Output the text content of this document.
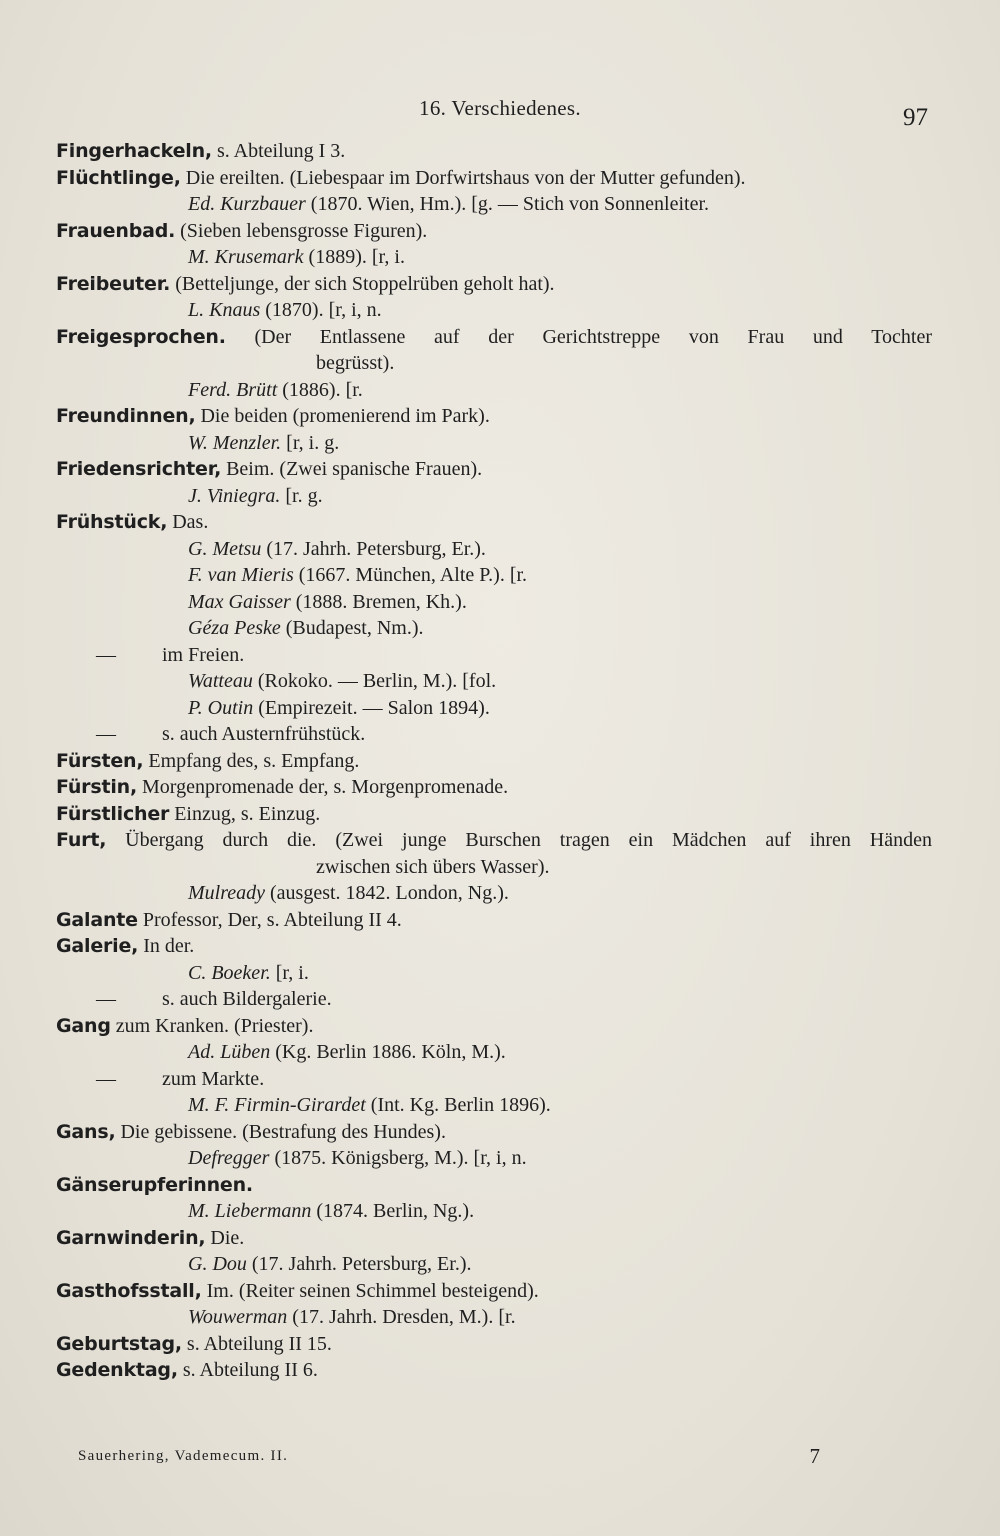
16. Verschiedenes.	97
Fingerhackeln, s. Abteilung I 3.
Flüchtlinge, Die ereilten. (Liebespaar im Dorfwirtshaus von der Mutter gefunden).
Ed. Kurzbauer (1870. Wien, Hm.). [g. — Stich von Sonnenleiter.
Frauenbad. (Sieben lebensgrosse Figuren).
M. Krusemark (1889). [r, i.
Freibeuter. (Betteljunge, der sich Stoppelrüben geholt hat).
L. Knaus (1870). [r, i, n.
Freigesprochen. (Der Entlassene auf der Gerichtstreppe von Frau und Tochter
begrüsst).
Ferd. Brütt (1886). [r.
Freundinnen, Die beiden (promenierend im Park).
W. Menzler. [r, i. g.
Friedensrichter, Beim. (Zwei spanische Frauen).
J. Viniegra. [r. g.
Frühstück, Das.
G. Metsu (17. Jahrh. Petersburg, Er.).
F. van Mieris (1667. München, Alte P.). [r.
Max Gaisser (1888. Bremen, Kh.).
Géza Peske (Budapest, Nm.).
— im Freien.
Watteau (Rokoko. — Berlin, M.). [fol.
P. Outin (Empirezeit. — Salon 1894).
— s. auch Austernfrühstück.
Fürsten, Empfang des, s. Empfang.
Fürstin, Morgenpromenade der, s. Morgenpromenade.
Fürstlicher Einzug, s. Einzug.
Furt, Übergang durch die. (Zwei junge Burschen tragen ein Mädchen auf ihren Händen
zwischen sich übers Wasser).
Mulready (ausgest. 1842. London, Ng.).
Galante Professor, Der, s. Abteilung II 4.
Galerie, In der.
C. Boeker. [r, i.
— s. auch Bildergalerie.
Gang zum Kranken. (Priester).
Ad. Lüben (Kg. Berlin 1886. Köln, M.).
— zum Markte.
M. F. Firmin-Girardet (Int. Kg. Berlin 1896).
Gans, Die gebissene. (Bestrafung des Hundes).
Defregger (1875. Königsberg, M.). [r, i, n.
Gänserupferinnen.
M. Liebermann (1874. Berlin, Ng.).
Garnwinderin, Die.
G. Dou (17. Jahrh. Petersburg, Er.).
Gasthofsstall, Im. (Reiter seinen Schimmel besteigend).
Wouwerman (17. Jahrh. Dresden, M.). [r.
Geburtstag, s. Abteilung II 15.
Gedenktag, s. Abteilung II 6.
Sauerhering, Vademecum. II.	7
